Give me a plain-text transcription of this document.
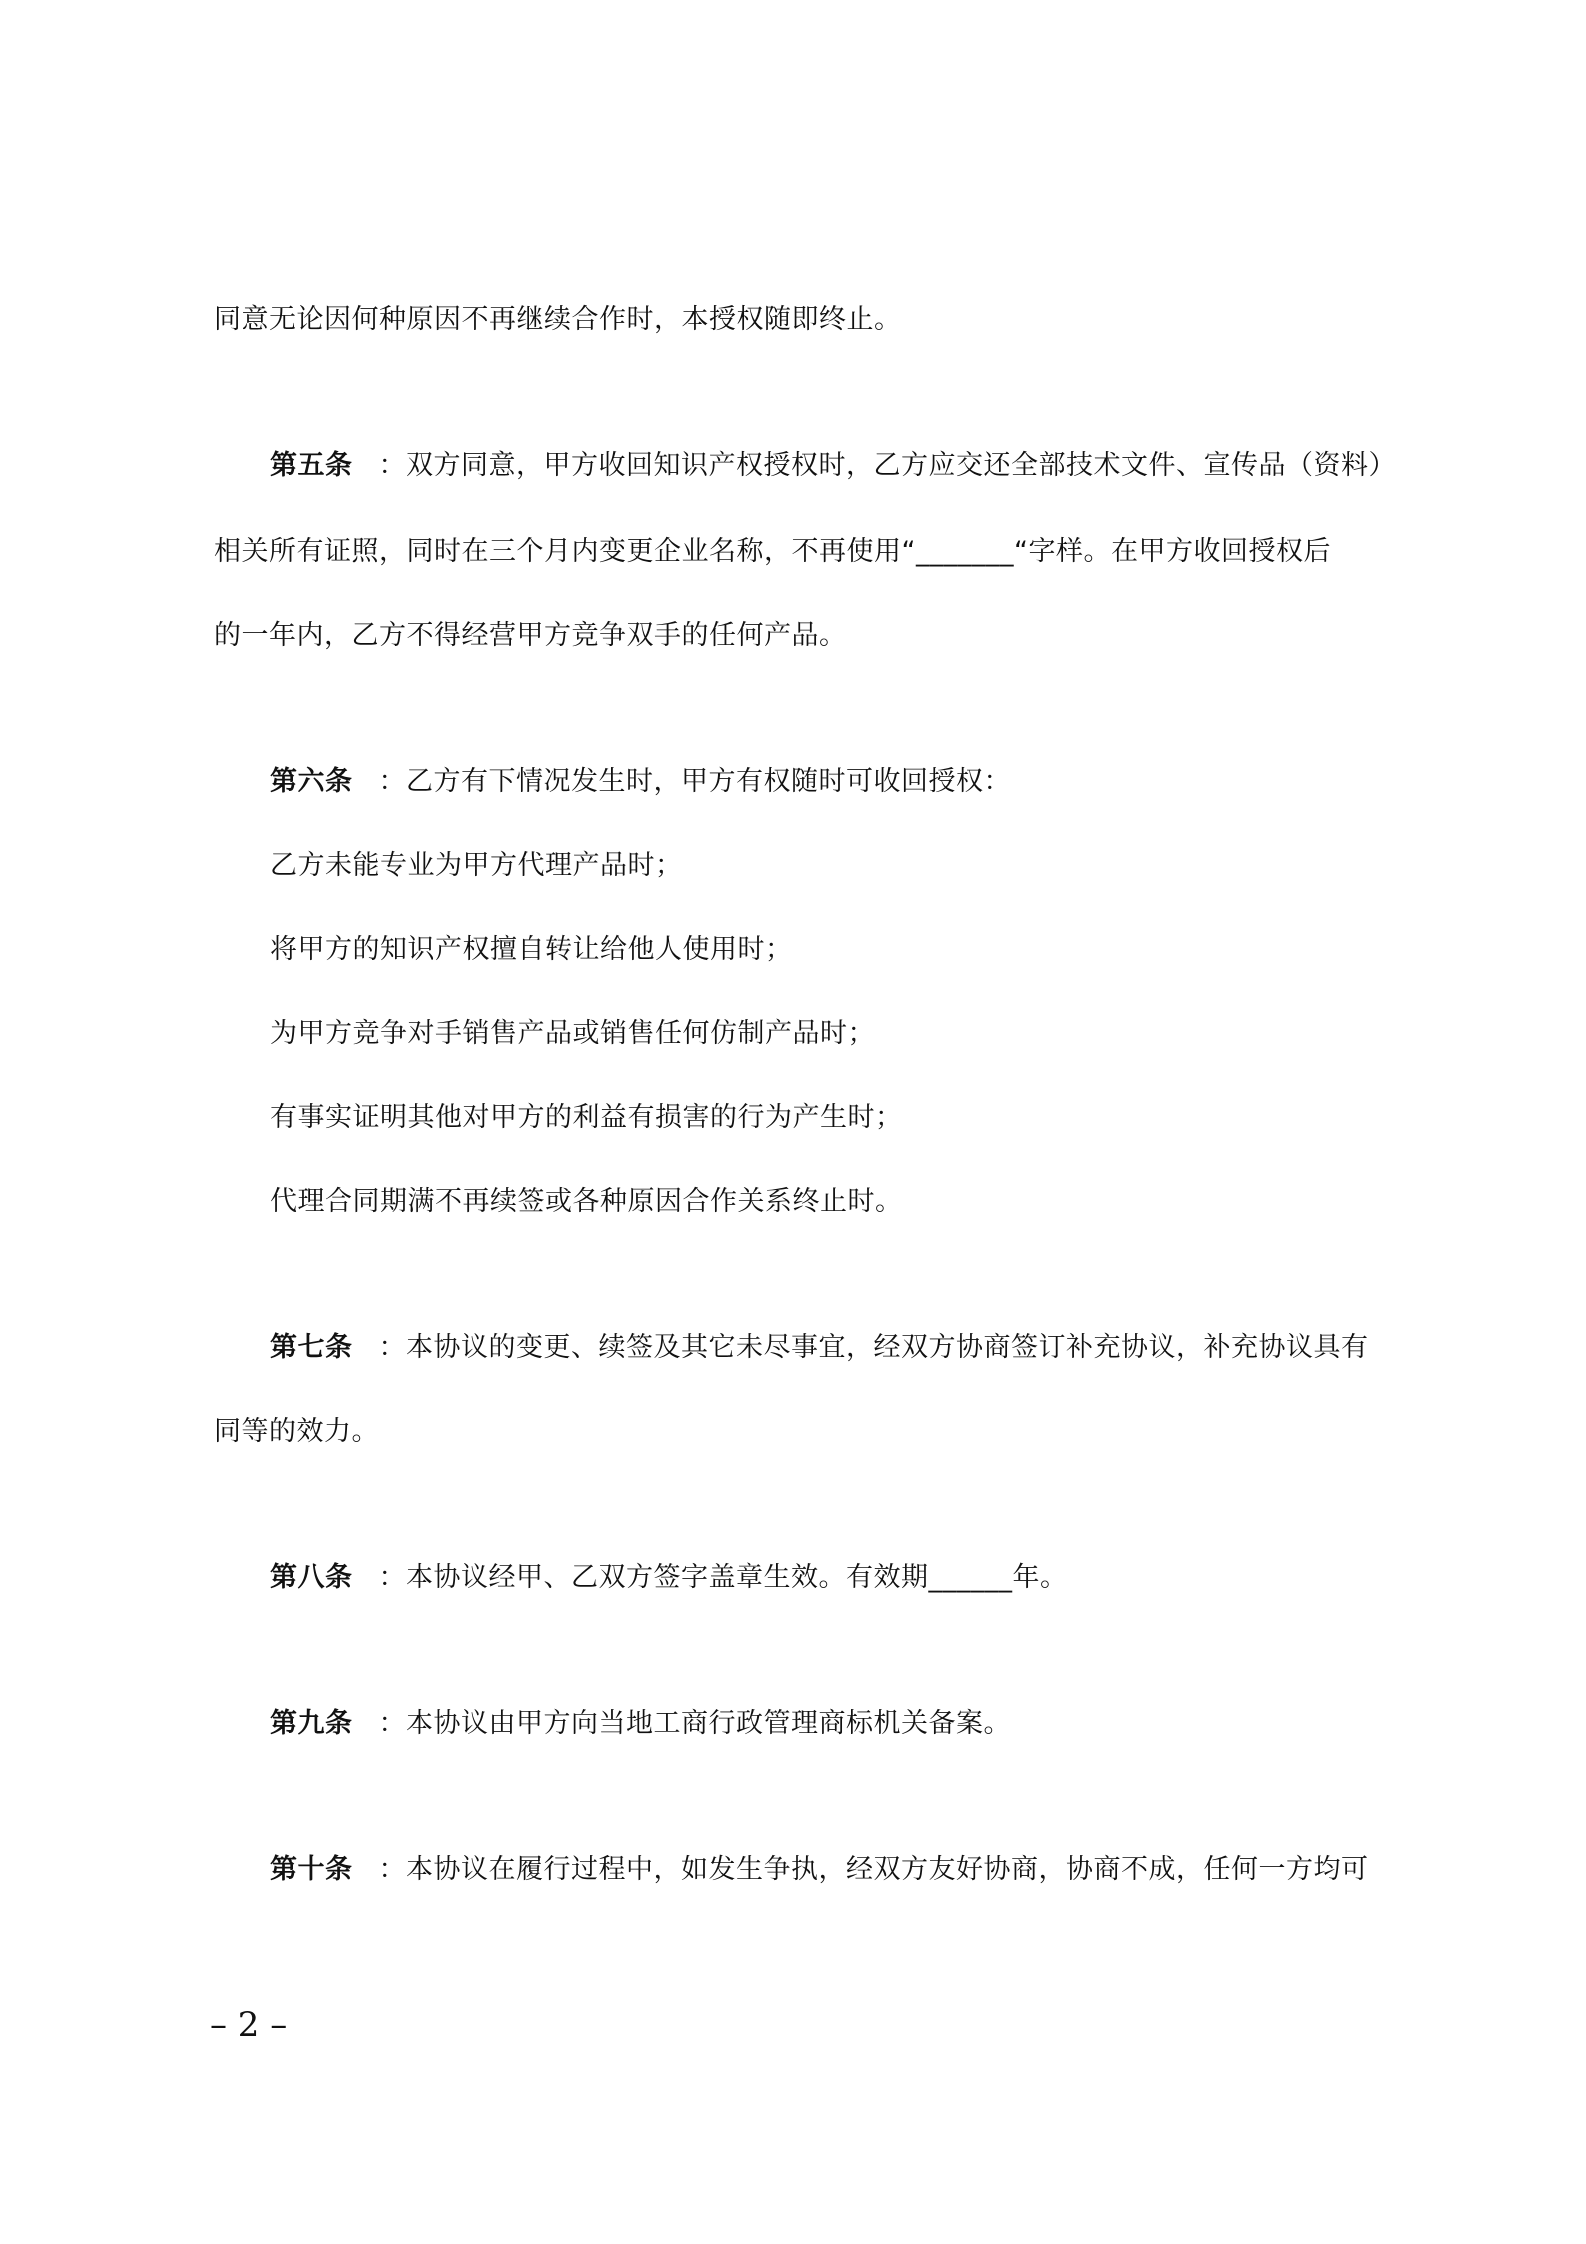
同意无论因何种原因不再继续合作时，本授权随即终止。
第五条 ：双方同意，甲方收回知识产权授权时，乙方应交还全部技术文件、宣传品（资料）
相关所有证照，同时在三个月内变更企业名称，不再使用“_______“字样。在甲方收回授权后
的一年内，乙方不得经营甲方竞争双手的任何产品。
第六条 ：乙方有下情况发生时，甲方有权随时可收回授权：
乙方未能专业为甲方代理产品时；
将甲方的知识产权擅自转让给他人使用时；
为甲方竞争对手销售产品或销售任何仿制产品时；
有事实证明其他对甲方的利益有损害的行为产生时；
代理合同期满不再续签或各种原因合作关系终止时。
第七条 ：本协议的变更、续签及其它未尽事宜，经双方协商签订补充协议，补充协议具有
同等的效力。
第八条 ：本协议经甲、乙双方签字盖章生效。有效期______年。
第九条 ：本协议由甲方向当地工商行政管理商标机关备案。
第十条 ：本协议在履行过程中，如发生争执，经双方友好协商，协商不成，任何一方均可
– 2 –
